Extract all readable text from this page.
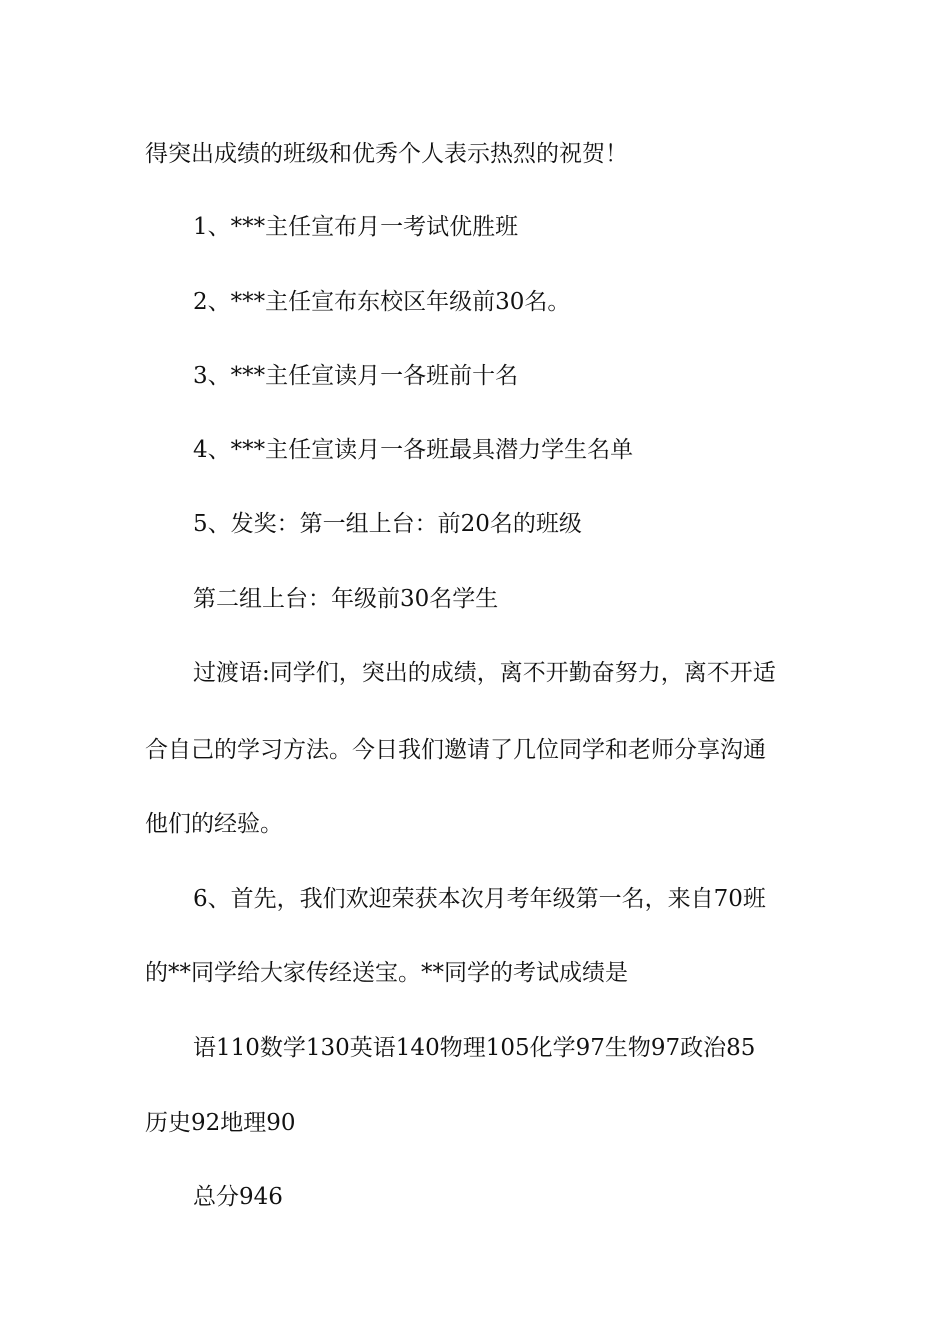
得突出成绩的班级和优秀个人表示热烈的祝贺！
1、***主任宣布月一考试优胜班
2、***主任宣布东校区年级前30名。
3、***主任宣读月一各班前十名
4、***主任宣读月一各班最具潜力学生名单
5、发奖：第一组上台：前20名的班级
第二组上台：年级前30名学生
过渡语:同学们，突出的成绩，离不开勤奋努力，离不开适
合自己的学习方法。今日我们邀请了几位同学和老师分享沟通
他们的经验。
6、首先，我们欢迎荣获本次月考年级第一名，来自70班
的**同学给大家传经送宝。**同学的考试成绩是
语110数学130英语140物理105化学97生物97政治85
历史92地理90
总分946
